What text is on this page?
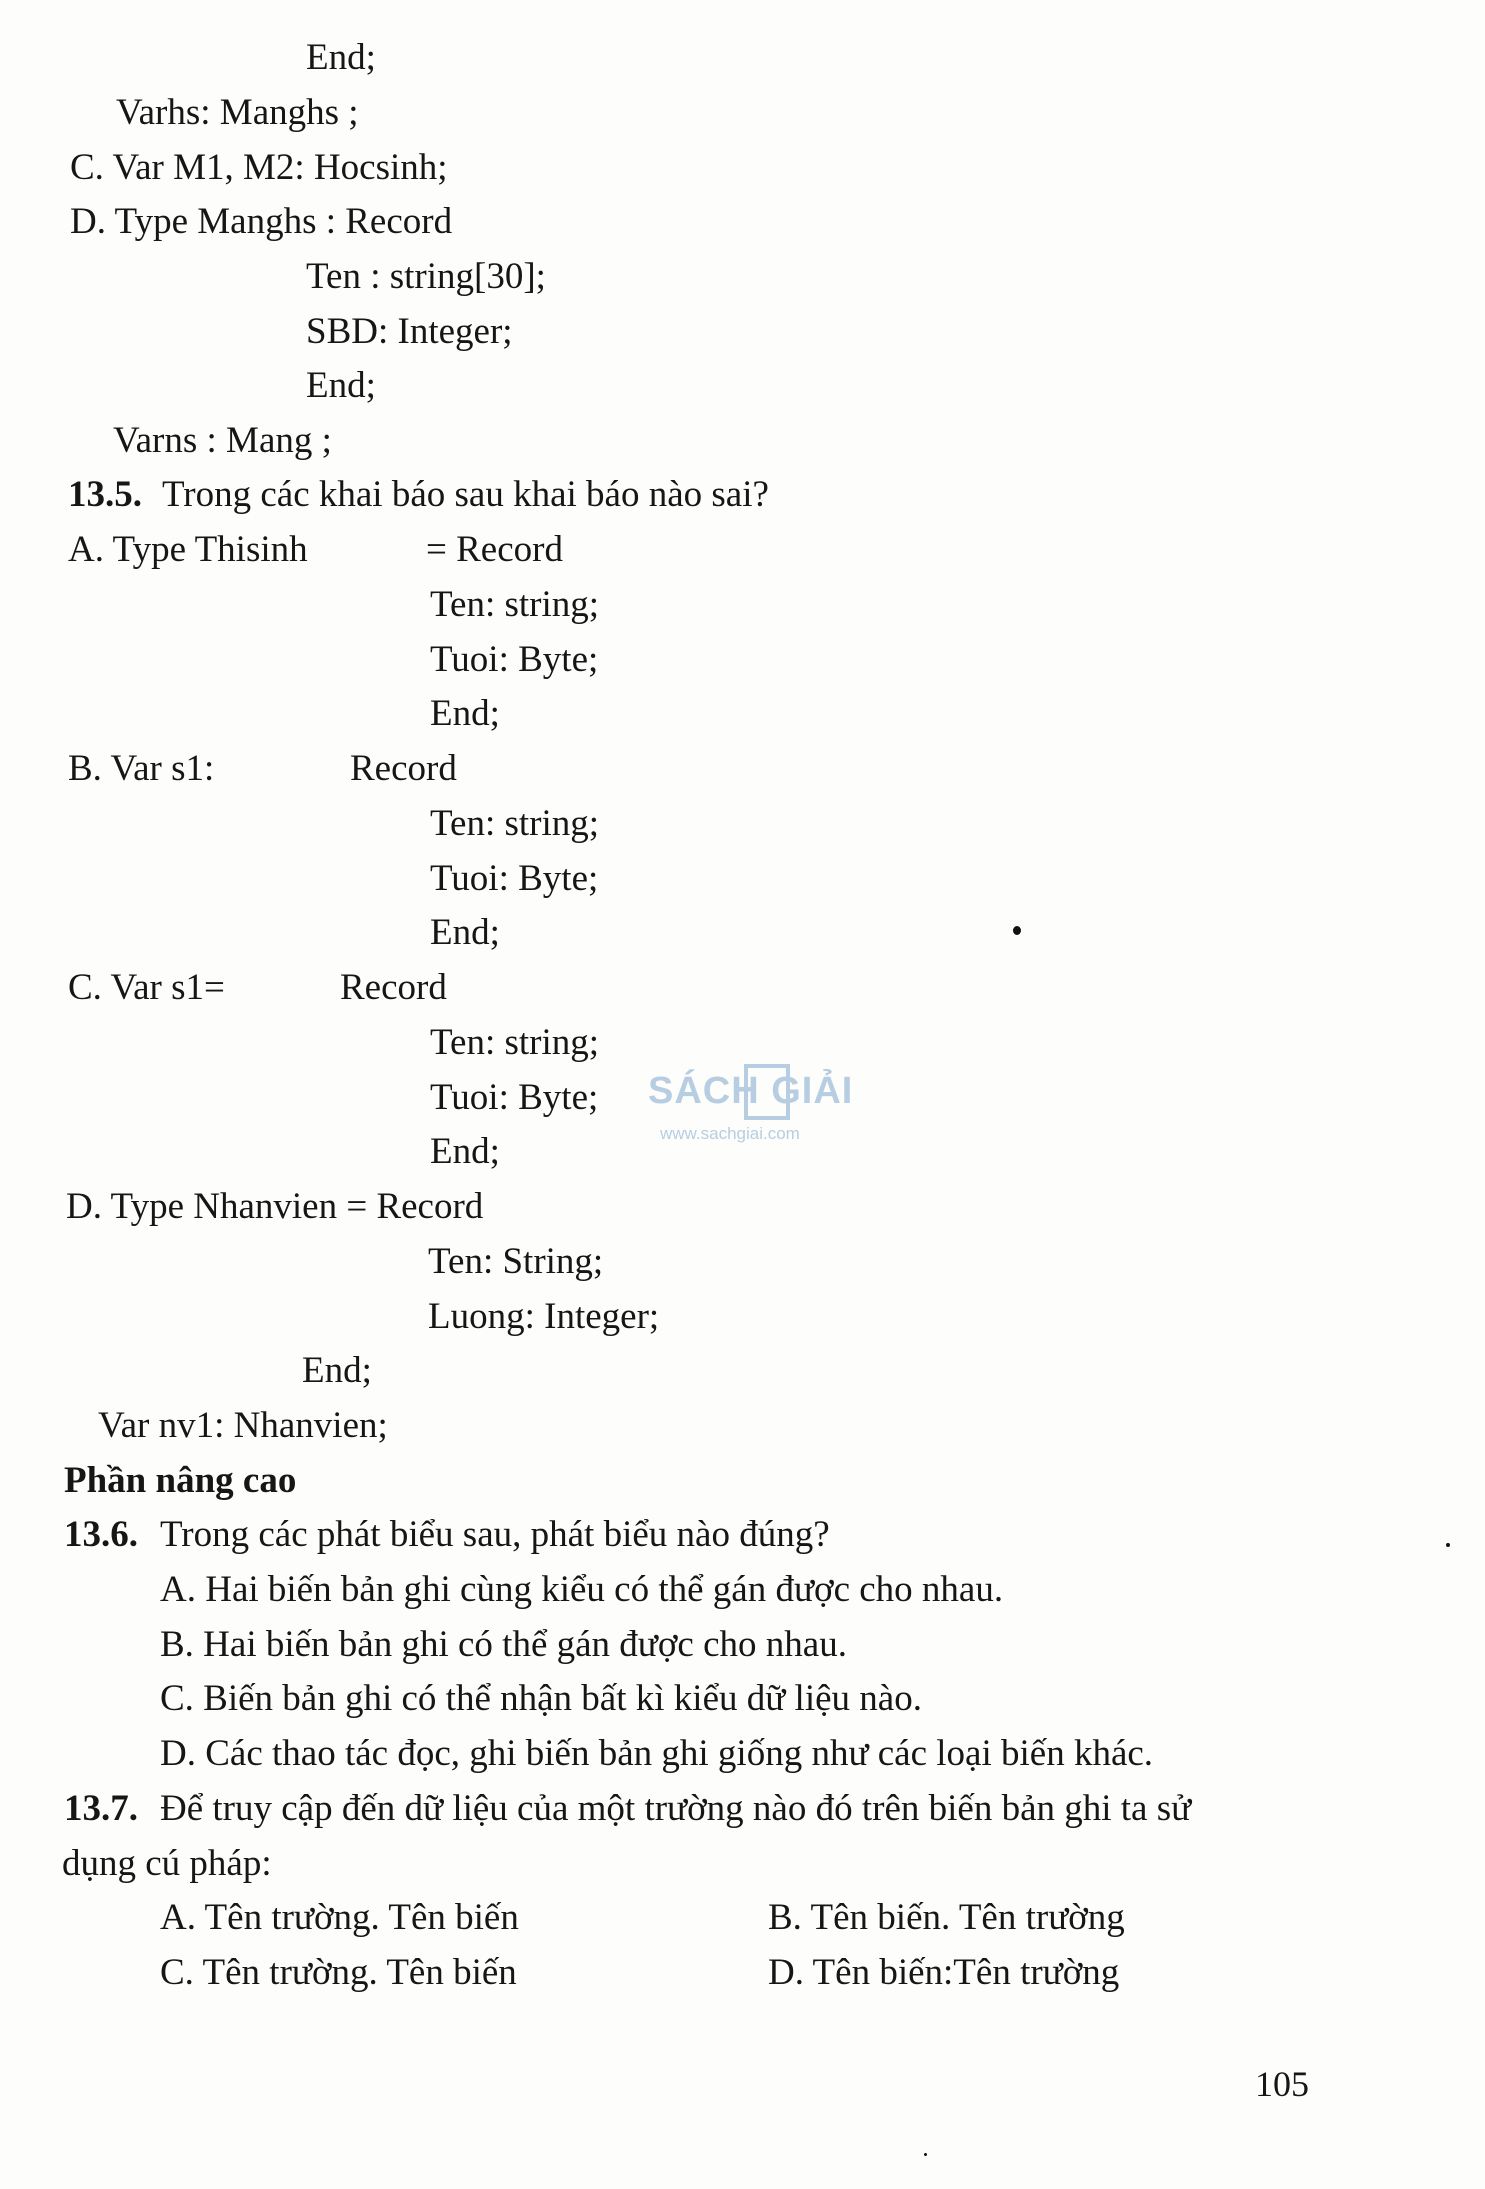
End;
Varhs: Manghs ;
C. Var M1, M2: Hocsinh;
D. Type Manghs : Record
Ten : string[30];
SBD: Integer;
End;
Varns : Mang ;
13.5. Trong các khai báo sau khai báo nào sai?
A. Type Thisinh	= Record
Ten: string;
Tuoi: Byte;
End;
B. Var s1:	Record
Ten: string;
Tuoi: Byte;
End;
C. Var s1=	Record
Ten: string;
Tuoi: Byte;
End;
D. Type Nhanvien = Record
Ten: String;
Luong: Integer;
End;
Var nv1: Nhanvien;
Phần nâng cao
13.6. Trong các phát biểu sau, phát biểu nào đúng?
A. Hai biến bản ghi cùng kiểu có thể gán được cho nhau.
B. Hai biến bản ghi có thể gán được cho nhau.
C. Biến bản ghi có thể nhận bất kì kiểu dữ liệu nào.
D. Các thao tác đọc, ghi biến bản ghi giống như các loại biến khác.
13.7. Để truy cập đến dữ liệu của một trường nào đó trên biến bản ghi ta sử
dụng cú pháp:
A. Tên trường. Tên biến	B. Tên biến. Tên trường
C. Tên trường. Tên biến	D. Tên biến:Tên trường
105
SÁCH GIẢI
www.sachgiai.com
